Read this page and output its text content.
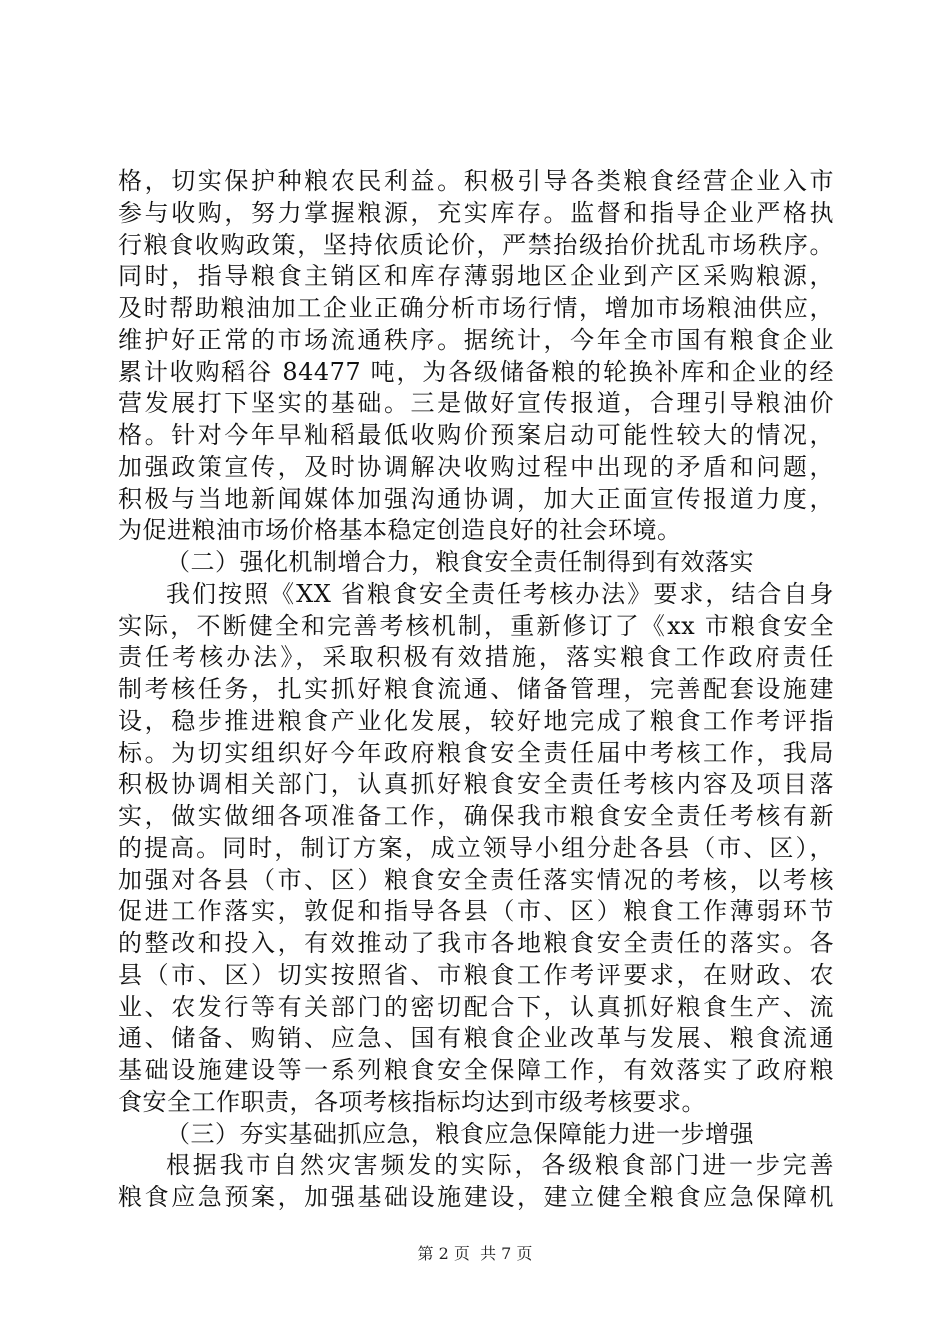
格，切实保护种粮农民利益。积极引导各类粮食经营企业入市
参与收购，努力掌握粮源，充实库存。监督和指导企业严格执
行粮食收购政策，坚持依质论价，严禁抬级抬价扰乱市场秩序。
同时，指导粮食主销区和库存薄弱地区企业到产区采购粮源，
及时帮助粮油加工企业正确分析市场行情，增加市场粮油供应，
维护好正常的市场流通秩序。据统计，今年全市国有粮食企业
累计收购稻谷 84477 吨，为各级储备粮的轮换补库和企业的经
营发展打下坚实的基础。三是做好宣传报道，合理引导粮油价
格。针对今年早籼稻最低收购价预案启动可能性较大的情况，
加强政策宣传，及时协调解决收购过程中出现的矛盾和问题，
积极与当地新闻媒体加强沟通协调，加大正面宣传报道力度，
为促进粮油市场价格基本稳定创造良好的社会环境。
（二）强化机制增合力，粮食安全责任制得到有效落实
我们按照《XX 省粮食安全责任考核办法》要求，结合自身
实际，不断健全和完善考核机制，重新修订了《xx 市粮食安全
责任考核办法》，采取积极有效措施，落实粮食工作政府责任
制考核任务，扎实抓好粮食流通、储备管理，完善配套设施建
设，稳步推进粮食产业化发展，较好地完成了粮食工作考评指
标。为切实组织好今年政府粮食安全责任届中考核工作，我局
积极协调相关部门，认真抓好粮食安全责任考核内容及项目落
实，做实做细各项准备工作，确保我市粮食安全责任考核有新
的提高。同时，制订方案，成立领导小组分赴各县（市、区），
加强对各县（市、区）粮食安全责任落实情况的考核，以考核
促进工作落实，敦促和指导各县（市、区）粮食工作薄弱环节
的整改和投入，有效推动了我市各地粮食安全责任的落实。各
县（市、区）切实按照省、市粮食工作考评要求，在财政、农
业、农发行等有关部门的密切配合下，认真抓好粮食生产、流
通、储备、购销、应急、国有粮食企业改革与发展、粮食流通
基础设施建设等一系列粮食安全保障工作，有效落实了政府粮
食安全工作职责，各项考核指标均达到市级考核要求。
（三）夯实基础抓应急，粮食应急保障能力进一步增强
根据我市自然灾害频发的实际，各级粮食部门进一步完善
粮食应急预案，加强基础设施建设，建立健全粮食应急保障机
第 2 页  共 7 页
